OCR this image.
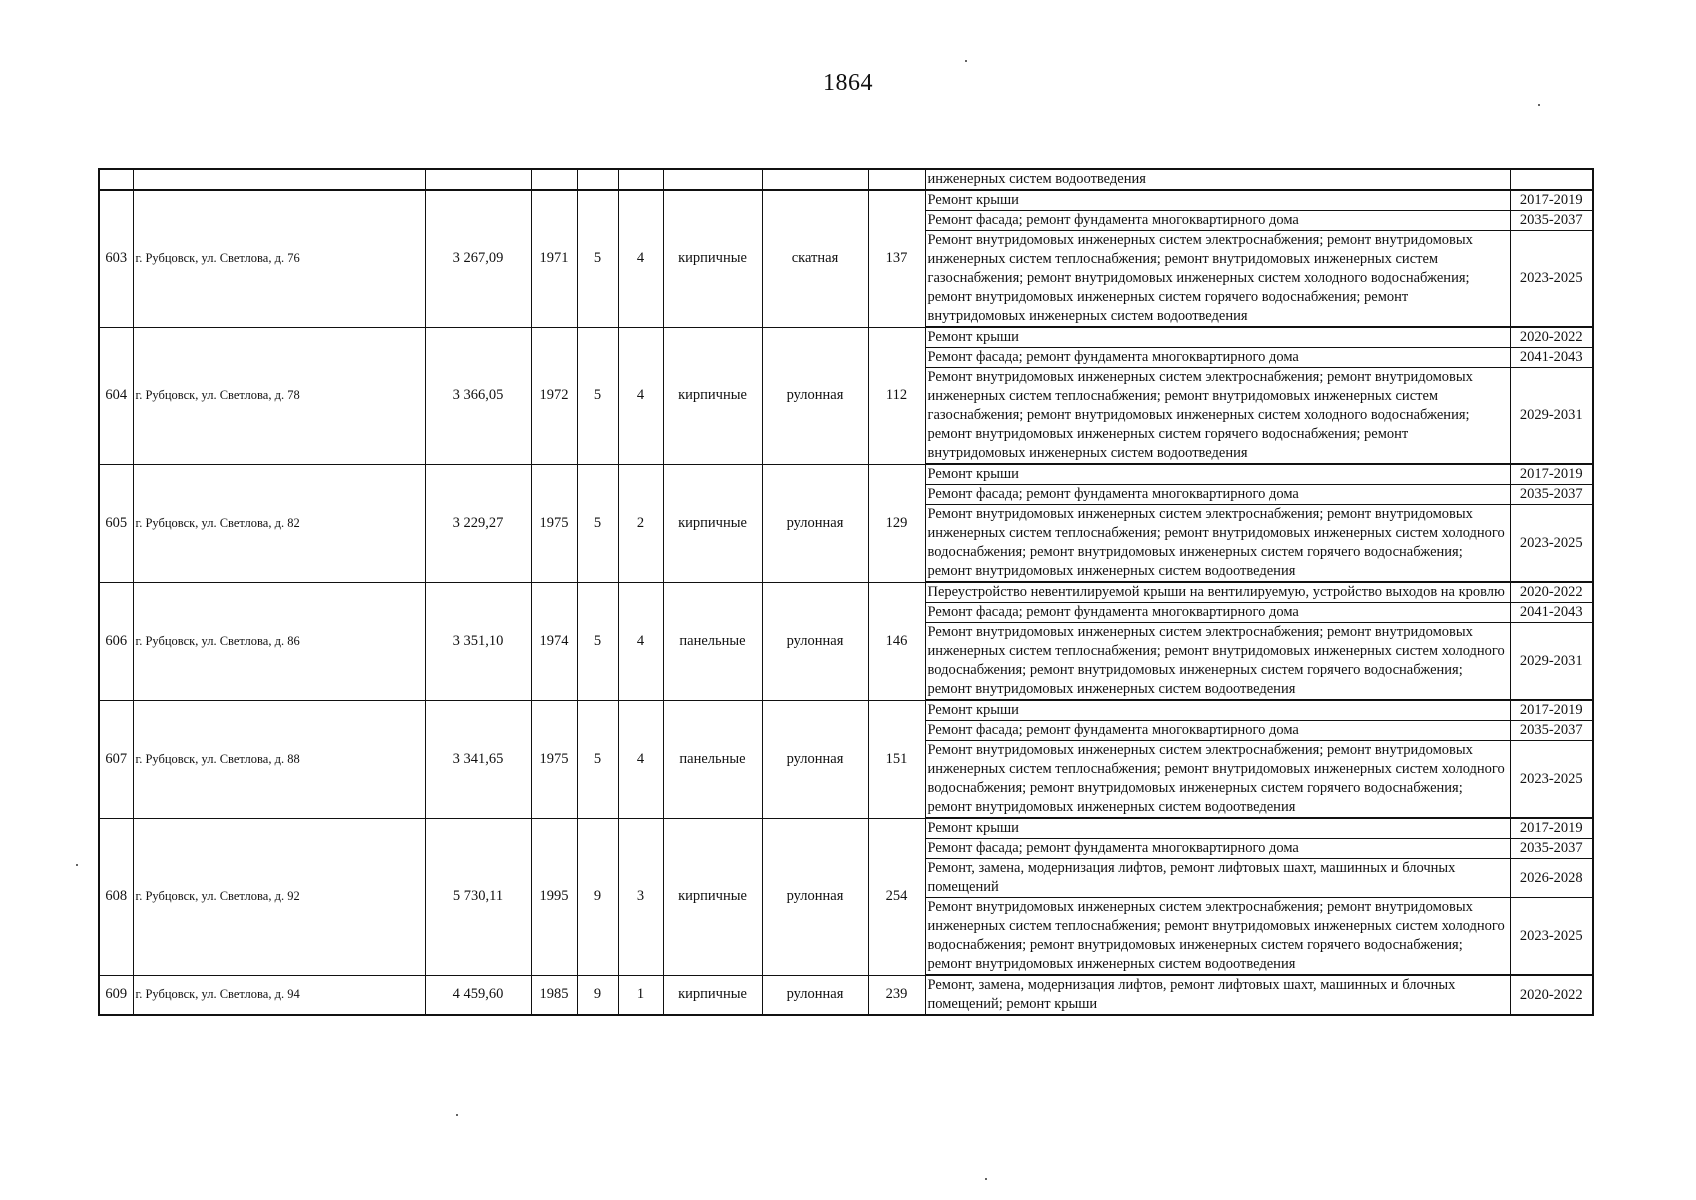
1864
									инженерных систем водоотведения	
603	г. Рубцовск, ул. Светлова, д. 76	3 267,09	1971	5	4	кирпичные	скатная	137	Ремонт крыши	2017-2019
									Ремонт фасада; ремонт фундамента многоквартирного дома	2035-2037
									Ремонт внутридомовых инженерных систем электроснабжения; ремонт внутридомовых инженерных систем теплоснабжения; ремонт внутридомовых инженерных систем газоснабжения; ремонт внутридомовых инженерных систем холодного водоснабжения; ремонт внутридомовых инженерных систем горячего водоснабжения; ремонт внутридомовых инженерных систем водоотведения	2023-2025
604	г. Рубцовск, ул. Светлова, д. 78	3 366,05	1972	5	4	кирпичные	рулонная	112	Ремонт крыши	2020-2022
									Ремонт фасада; ремонт фундамента многоквартирного дома	2041-2043
									Ремонт внутридомовых инженерных систем электроснабжения; ремонт внутридомовых инженерных систем теплоснабжения; ремонт внутридомовых инженерных систем газоснабжения; ремонт внутридомовых инженерных систем холодного водоснабжения; ремонт внутридомовых инженерных систем горячего водоснабжения; ремонт внутридомовых инженерных систем водоотведения	2029-2031
605	г. Рубцовск, ул. Светлова, д. 82	3 229,27	1975	5	2	кирпичные	рулонная	129	Ремонт крыши	2017-2019
									Ремонт фасада; ремонт фундамента многоквартирного дома	2035-2037
									Ремонт внутридомовых инженерных систем электроснабжения; ремонт внутридомовых инженерных систем теплоснабжения; ремонт внутридомовых инженерных систем холодного водоснабжения; ремонт внутридомовых инженерных систем горячего водоснабжения; ремонт внутридомовых инженерных систем водоотведения	2023-2025
606	г. Рубцовск, ул. Светлова, д. 86	3 351,10	1974	5	4	панельные	рулонная	146	Переустройство невентилируемой крыши на вентилируемую, устройство выходов на кровлю	2020-2022
									Ремонт фасада; ремонт фундамента многоквартирного дома	2041-2043
									Ремонт внутридомовых инженерных систем электроснабжения; ремонт внутридомовых инженерных систем теплоснабжения; ремонт внутридомовых инженерных систем холодного водоснабжения; ремонт внутридомовых инженерных систем горячего водоснабжения; ремонт внутридомовых инженерных систем водоотведения	2029-2031
607	г. Рубцовск, ул. Светлова, д. 88	3 341,65	1975	5	4	панельные	рулонная	151	Ремонт крыши	2017-2019
									Ремонт фасада; ремонт фундамента многоквартирного дома	2035-2037
									Ремонт внутридомовых инженерных систем электроснабжения; ремонт внутридомовых инженерных систем теплоснабжения; ремонт внутридомовых инженерных систем холодного водоснабжения; ремонт внутридомовых инженерных систем горячего водоснабжения; ремонт внутридомовых инженерных систем водоотведения	2023-2025
608	г. Рубцовск, ул. Светлова, д. 92	5 730,11	1995	9	3	кирпичные	рулонная	254	Ремонт крыши	2017-2019
									Ремонт фасада; ремонт фундамента многоквартирного дома	2035-2037
									Ремонт, замена, модернизация лифтов, ремонт лифтовых шахт, машинных и блочных помещений	2026-2028
									Ремонт внутридомовых инженерных систем электроснабжения; ремонт внутридомовых инженерных систем теплоснабжения; ремонт внутридомовых инженерных систем холодного водоснабжения; ремонт внутридомовых инженерных систем горячего водоснабжения; ремонт внутридомовых инженерных систем водоотведения	2023-2025
609	г. Рубцовск, ул. Светлова, д. 94	4 459,60	1985	9	1	кирпичные	рулонная	239	Ремонт, замена, модернизация лифтов, ремонт лифтовых шахт, машинных и блочных помещений; ремонт крыши	2020-2022
